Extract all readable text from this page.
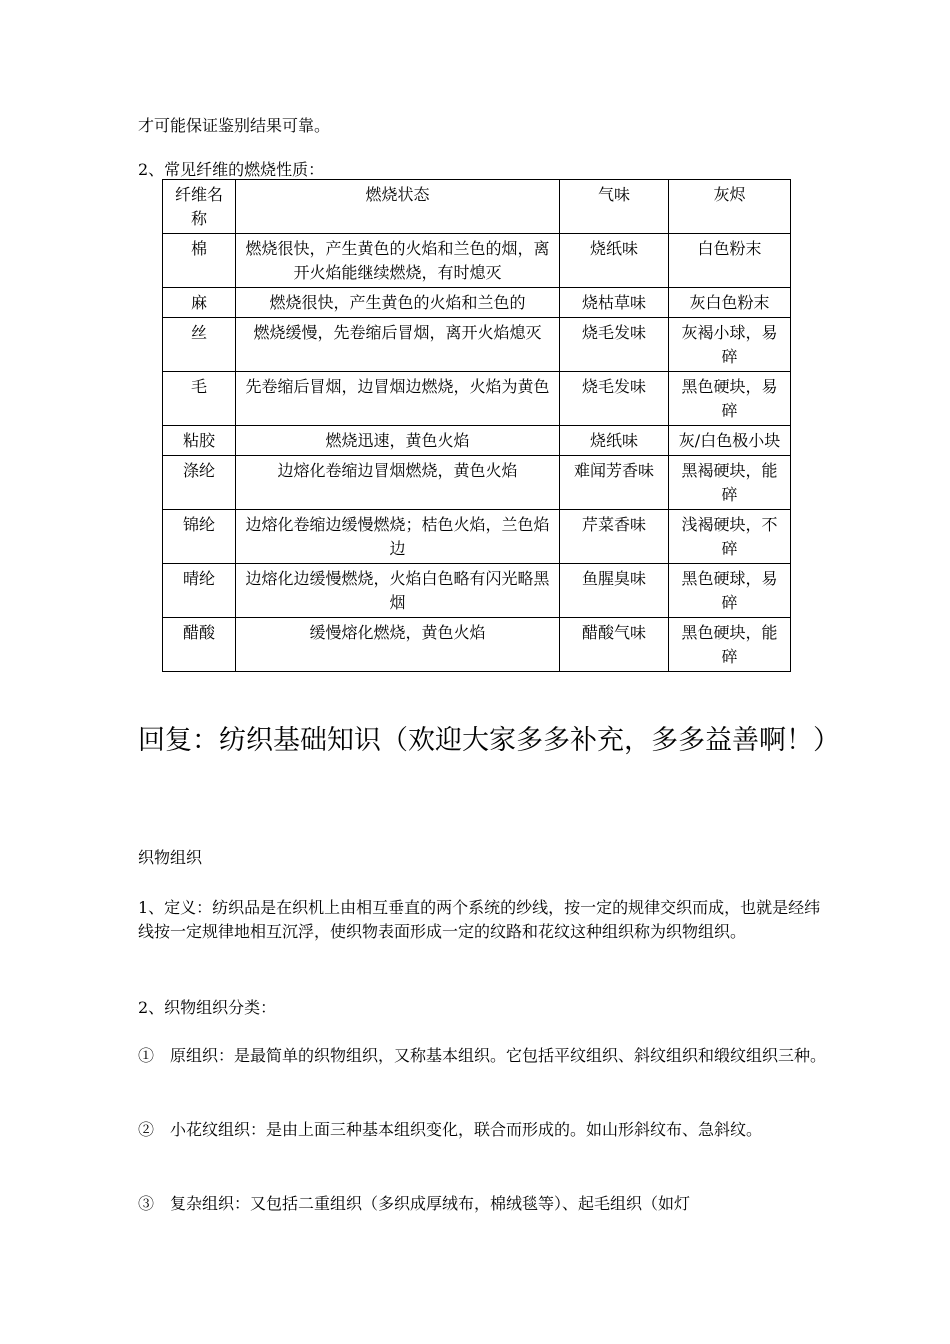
才可能保证鉴别结果可靠。

2、常见纤维的燃烧性质：

纤维名称	燃烧状态	气味	灰烬
棉	燃烧很快，产生黄色的火焰和兰色的烟，离开火焰能继续燃烧，有时熄灭	烧纸味	白色粉末
麻	燃烧很快，产生黄色的火焰和兰色的	烧枯草味	灰白色粉末
丝	燃烧缓慢，先卷缩后冒烟，离开火焰熄灭	烧毛发味	灰褐小球，易碎
毛	先卷缩后冒烟，边冒烟边燃烧，火焰为黄色	烧毛发味	黑色硬块，易碎
粘胶	燃烧迅速，黄色火焰	烧纸味	灰/白色极小块
涤纶	边熔化卷缩边冒烟燃烧，黄色火焰	难闻芳香味	黑褐硬块，能碎
锦纶	边熔化卷缩边缓慢燃烧；桔色火焰，兰色焰边	芹菜香味	浅褐硬块，不碎
晴纶	边熔化边缓慢燃烧，火焰白色略有闪光略黑烟	鱼腥臭味	黑色硬球，易碎
醋酸	缓慢熔化燃烧，黄色火焰	醋酸气味	黑色硬块，能碎
回复：纺织基础知识（欢迎大家多多补充，多多益善啊！）

织物组织

1、定义：纺织品是在织机上由相互垂直的两个系统的纱线，按一定的规律交织而成，也就是经纬线按一定规律地相互沉浮，使织物表面形成一定的纹路和花纹这种组织称为织物组织。

2、织物组织分类：

①　原组织：是最简单的织物组织，又称基本组织。它包括平纹组织、斜纹组织和缎纹组织三种。

②　小花纹组织：是由上面三种基本组织变化，联合而形成的。如山形斜纹布、急斜纹。

③　复杂组织：又包括二重组织（多织成厚绒布，棉绒毯等）、起毛组织（如灯
